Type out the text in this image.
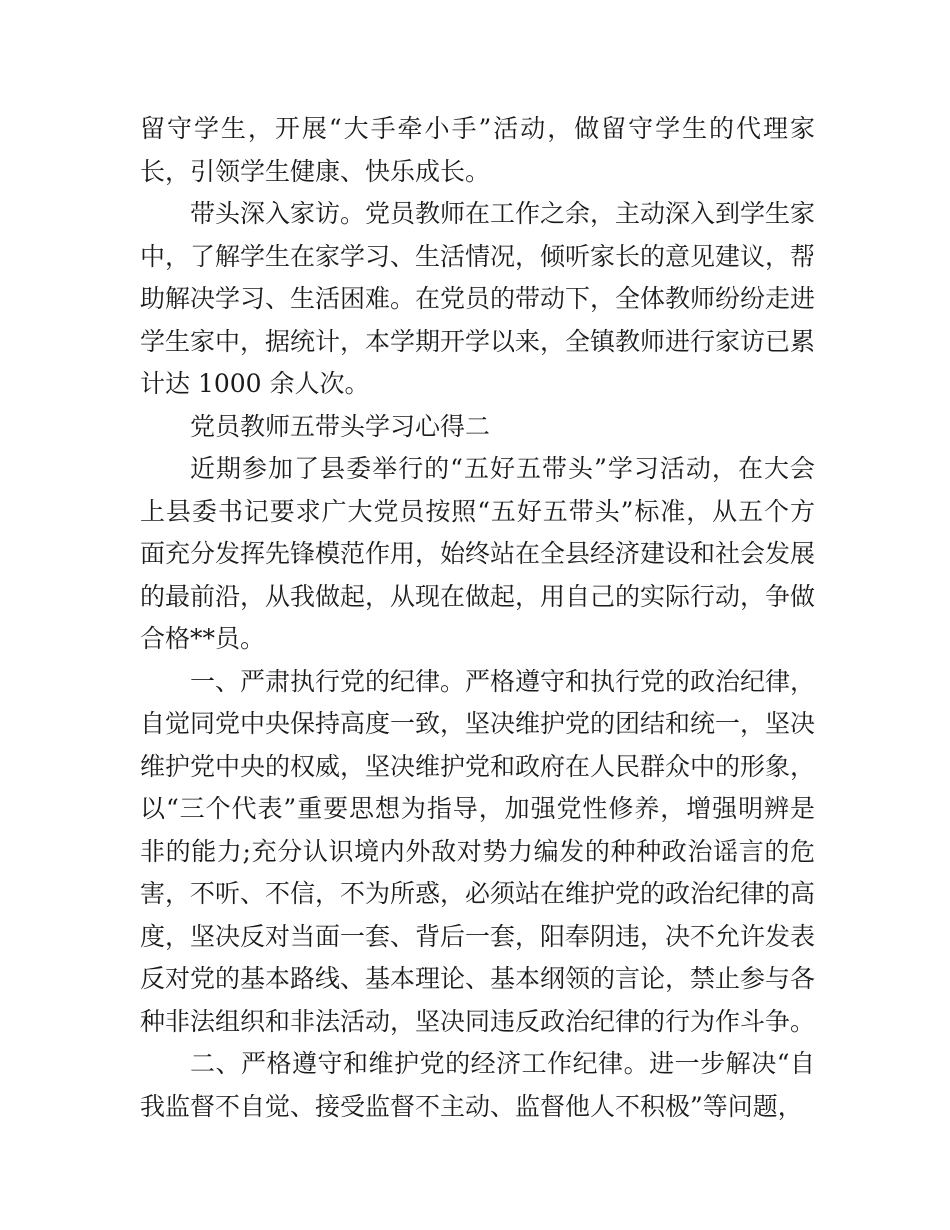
留守学生，开展“大手牵小手”活动，做留守学生的代理家长，引领学生健康、快乐成长。

带头深入家访。党员教师在工作之余，主动深入到学生家中，了解学生在家学习、生活情况，倾听家长的意见建议，帮助解决学习、生活困难。在党员的带动下，全体教师纷纷走进学生家中，据统计，本学期开学以来，全镇教师进行家访已累计达 1000 余人次。

党员教师五带头学习心得二

近期参加了县委举行的“五好五带头”学习活动，在大会上县委书记要求广大党员按照“五好五带头”标准，从五个方面充分发挥先锋模范作用，始终站在全县经济建设和社会发展的最前沿，从我做起，从现在做起，用自己的实际行动，争做合格**员。

一、严肃执行党的纪律。严格遵守和执行党的政治纪律，自觉同党中央保持高度一致，坚决维护党的团结和统一，坚决维护党中央的权威，坚决维护党和政府在人民群众中的形象，以“三个代表”重要思想为指导，加强党性修养，增强明辨是非的能力;充分认识境内外敌对势力编发的种种政治谣言的危害，不听、不信，不为所惑，必须站在维护党的政治纪律的高度，坚决反对当面一套、背后一套，阳奉阴违，决不允许发表反对党的基本路线、基本理论、基本纲领的言论，禁止参与各种非法组织和非法活动，坚决同违反政治纪律的行为作斗争。

二、严格遵守和维护党的经济工作纪律。进一步解决“自我监督不自觉、接受监督不主动、监督他人不积极”等问题，
